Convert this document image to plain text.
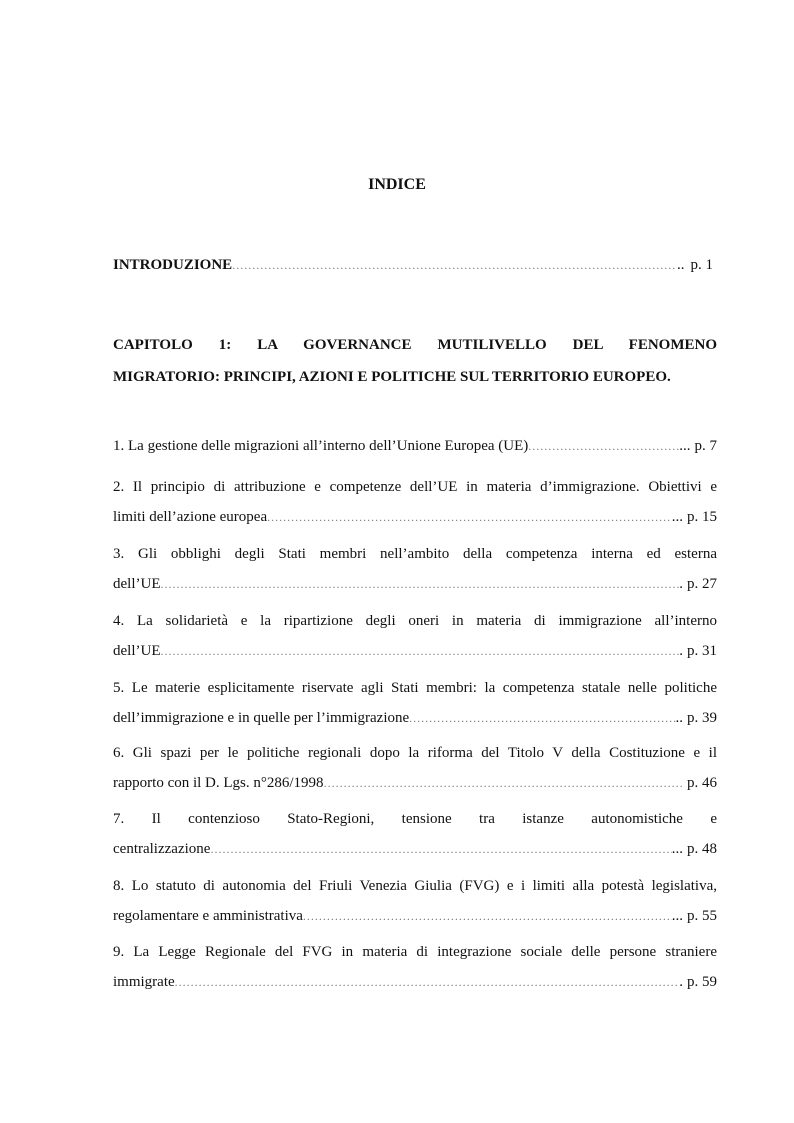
INDICE
INTRODUZIONE .....	.. p. 1
CAPITOLO 1: LA GOVERNANCE MUTILIVELLO DEL FENOMENO
MIGRATORIO: PRINCIPI, AZIONI E POLITICHE SUL TERRITORIO EUROPEO.
1. La gestione delle migrazioni all’interno dell’Unione Europea (UE) .....	... p. 7
2. Il principio di attribuzione e competenze dell’UE in materia d’immigrazione. Obiettivi e
limiti dell’azione europea .....	... p. 15
3. Gli obblighi degli Stati membri nell’ambito della competenza interna ed esterna
dell’UE .....	. p. 27
4. La solidarietà e la ripartizione degli oneri in materia di immigrazione all’interno
dell’UE .....	. p. 31
5. Le materie esplicitamente riservate agli Stati membri: la competenza statale nelle politiche
dell’immigrazione e in quelle per l’immigrazione .....	.. p. 39
6. Gli spazi per le politiche regionali dopo la riforma del Titolo V della Costituzione e il
rapporto con il D. Lgs. n°286/1998 .....	p. 46
7. Il contenzioso Stato-Regioni, tensione tra istanze autonomistiche e
centralizzazione .....	... p. 48
8. Lo statuto di autonomia del Friuli Venezia Giulia (FVG) e i limiti alla potestà legislativa,
regolamentare e amministrativa .....	... p. 55
9. La Legge Regionale del FVG in materia di integrazione sociale delle persone straniere
immigrate .....	. p. 59
